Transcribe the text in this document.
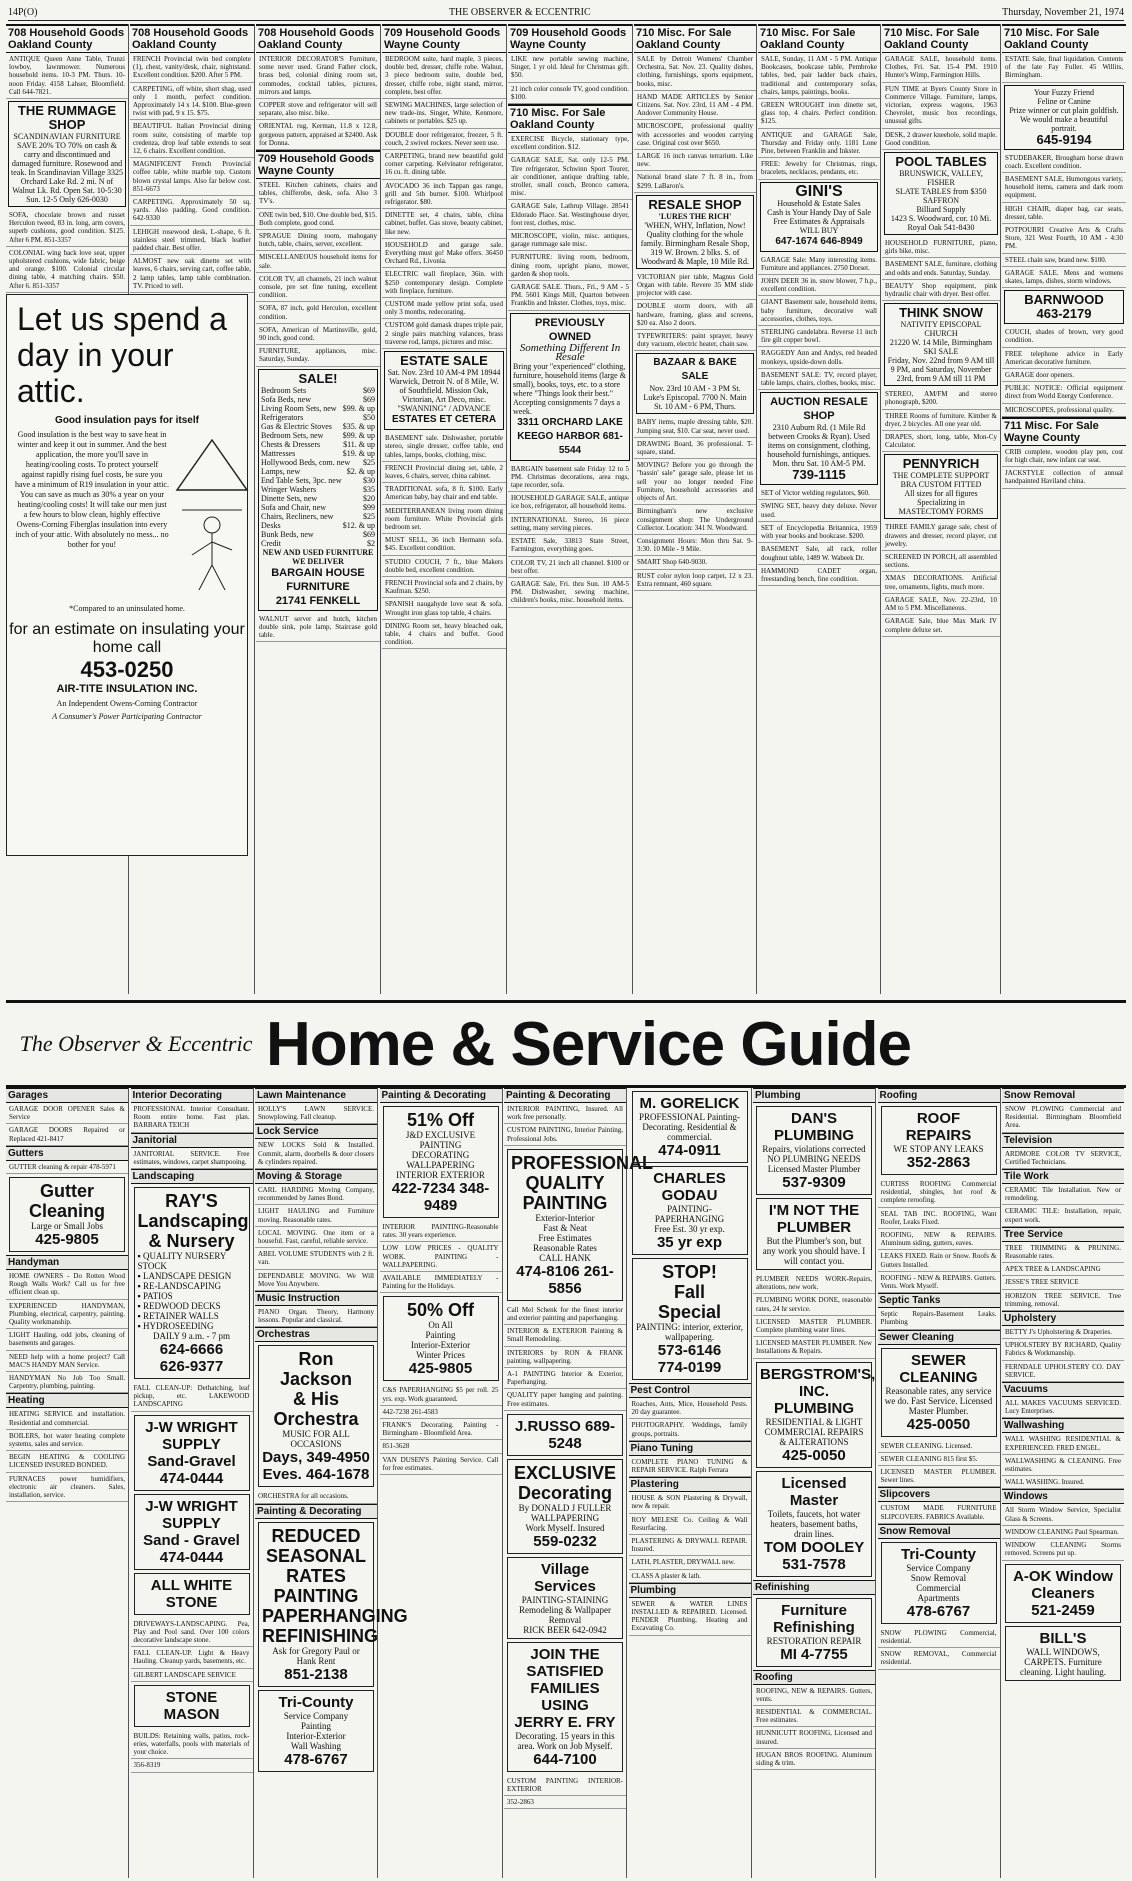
14P(O)	THE OBSERVER & ECCENTRIC	Thursday, November 21, 1974
708 Household Goods
Oakland County
ANTIQUE Queen Anne Table, Trunzi lowboy, lawnmower. Numerous household items. 10-3 PM. Thurs. 10-noon Friday. 4158 Lahser, Bloomfield. Call 644-7821.
THE RUMMAGE SHOP
SCANDINAVIAN FURNITURE SAVE 20% TO 70% on cash & carry and discontinued and damaged furniture. Rosewood and teak. In Scandinavian Village 3325 Orchard Lake Rd. 2 mi. N of Walnut Lk. Rd. Open Sat. 10-5:30 Sun. 12-5 Only 626-0030
SOFA, chocolate brown and russet Herculon tweed, 83 in. long, arm covers, superb cushions, good condition. $125. After 6 PM. 851-3357
COLONIAL wing back love seat, upper upholstered cushions, wide fabric, beige and orange. $100. Colonial circular dining table, 4 matching chairs. $50. After 6. 851-3357
Let us spend a day in your attic.
Good insulation pays for itself
Good insulation is the best way to save heat in winter and keep it out in summer. And the best application, the more you'll save in heating/cooling costs. To protect yourself against rapidly rising fuel costs, be sure you have a minimum of R19 insulation in your attic. You can save as much as 30% a year on your heating/cooling costs! It will take our men just a few hours to blow clean, highly effective Owens-Corning Fiberglas insulation into every inch of your attic. With absolutely no mess... no bother for you!
*Compared to an uninsulated home.
for an estimate on insulating your home call
453-0250
AIR-TITE INSULATION INC.
An Independent Owens-Corning Contractor
A Consumer's Power Participating Contractor
708 Household Goods
Oakland County
FRENCH Provincial twin bed complete (1), chest, vanity/desk, chair, nightstand. Excellent condition. $200. After 5 PM.
CARPETING, off white, short shag, used only 1 month, perfect condition. Approximately 14 x 14. $100. Blue-green twist with pad, 9 x 15. $75.
BEAUTIFUL Italian Provincial dining room suite, consisting of marble top credenza, drop leaf table extends to seat 12, 6 chairs. Excellent condition.
MAGNIFICENT French Provincial coffee table, white marble top. Custom blown crystal lamps. Also far below cost. 851-6673
CARPETING. Approximately 50 sq. yards. Also padding. Good condition. 642-9330
LEHIGH rosewood desk, L-shape, 6 ft. stainless steel trimmed, black leather padded chair. Best offer.
ALMOST new oak dinette set with leaves, 6 chairs, serving cart, coffee table, 2 lamp tables, lamp table combination. TV. Priced to sell.
708 Household Goods
Oakland County
INTERIOR DECORATOR'S Furniture, some never used. Grand Father clock, brass bed, colonial dining room set, commodes, cocktail tables, pictures, mirrors and lamps.
COPPER stove and refrigerator will sell separate, also misc. bike.
ORIENTAL rug, Kerman, 11.8 x 12.8, gorgeous pattern, appraised at $2400. Ask for Donna.
709 Household Goods
Wayne County
STEEL Kitchen cabinets, chairs and tables, chifferobe, desk, sofa. Also 3 TV's.
ONE twin bed, $10. One double bed, $15. Both complete, good cond.
SPRAGUE Dining room, mahogany hutch, table, chairs, server, excellent.
MISCELLANEOUS household items for sale.
COLOR TV, all channels, 21 inch walnut console, pre set fine tuning, excellent condition.
SOFA, 87 inch, gold Herculon, excellent condition.
SOFA, American of Martinsville, gold, 90 inch, good cond.
FURNITURE, appliances, misc. Saturday, Sunday.
SALE!
Bedroom Sets	$69
Sofa Beds, new	$69
Living Room Sets, new $99. & up
Refrigerators	$50
Gas & Electric Stoves $35. & up
Bedroom Sets, new $99. & up
Chests & Dressers	$11. & up
Mattresses	$19. & up
Hollywood Beds, com. new $25
Lamps, new	$2. & up
End Table Sets, 3pc. new	$30
Wringer Washers	$35
Dinette Sets, new	$20
Sofa and Chair, new	$99
Chairs, Recliners, new	$25
Desks	$12. & up
Bunk Beds, new	$69
Credit	$2
NEW AND USED FURNITURE WE DELIVER
BARGAIN HOUSE FURNITURE
21741 FENKELL
WALNUT server and hutch, kitchen double sink, pole lamp, Staircase gold table.
709 Household Goods
Wayne County
BEDROOM suite, hard maple, 3 pieces, double bed, dresser, chiffe robe. Walnut, 3 piece bedroom suite, double bed, dresser, chiffe robe, night stand, mirror, complete, best offer.
SEWING MACHINES, large selection of new trade-ins. Singer, White, Kenmore, cabinets or portables. $25 up.
DOUBLE door refrigerator, freezer, 5 ft. couch, 2 swivel rockers. Never seen use.
CARPETING, brand new beautiful gold corner carpeting. Kelvinator refrigerator, 16 cu. ft. dining table.
AVOCADO 36 inch Tappan gas range, grill and 5th burner. $100. Whirlpool refrigerator. $80.
DINETTE set, 4 chairs, table, china cabinet, buffet. Gas stove, beauty cabinet, like new.
HOUSEHOLD and garage sale. Everything must go! Make offers. 36450 Orchard Rd., Livonia.
ELECTRIC wall fireplace, 36in. with $250 contemporary design. Complete with fireplace, furniture.
CUSTOM made yellow print sofa, used only 3 months, redecorating.
CUSTOM gold damask drapes triple pair, 2 single pairs matching valances, brass traverse rod, lamps, pictures and misc.
ESTATE SALE
Sat. Nov. 23rd 10 AM-4 PM 18944 Warwick, Detroit N. of 8 Mile, W. of Southfield. Mission Oak, Victorian, Art Deco, misc. "SWANNING" / ADVANCE
ESTATES ET CETERA
BASEMENT sale. Dishwasher, portable stereo, single dresser, coffee table, end tables, lamps, books, clothing, misc.
FRENCH Provincial dining set, table, 2 leaves, 6 chairs, server, china cabinet.
TRADITIONAL sofa, 8 ft. $100. Early American baby, bay chair and end table.
MEDITERRANEAN living room dining room furniture. White Provincial girls bedroom set.
MUST SELL, 36 inch Hermann sofa. $45. Excellent condition.
STUDIO COUCH, 7 ft., blue Makers double bed, excellent condition.
FRENCH Provincial sofa and 2 chairs, by Kaufman. $250.
SPANISH naugahyde love seat & sofa. Wrought iron glass top table, 4 chairs.
DINING Room set, heavy bleached oak, table, 4 chairs and buffet. Good condition.
709 Household Goods
Wayne County
LIKE new portable sewing machine, Singer, 1 yr old. Ideal for Christmas gift. $50.
21 inch color console TV, good condition. $100.
710 Misc. For Sale
Oakland County
EXERCISE Bicycle, stationary type, excellent condition. $12.
GARAGE SALE, Sat. only 12-5 PM. Tire refrigerator, Schwinn Sport Tourer, air conditioner, antique drafting table, stroller, small couch, Bronco camera, misc.
GARAGE Sale, Lathrup Village. 28541 Eldorado Place. Sat. Westinghouse dryer, foot rest, clothes, misc.
MICROSCOPE, violin, misc. antiques, garage rummage sale misc.
FURNITURE: living room, bedroom, dining room, upright piano, mower, garden & shop tools.
GARAGE SALE. Thurs., Fri., 9 AM - 5 PM. 5601 Kings Mill, Quarton between Franklin and Inkster. Clothes, toys, misc.
PREVIOUSLY OWNED
Something Different In Resale
Bring your "experienced" clothing, furniture, household items (large & small), books, toys, etc. to a store where "Things look their best." Accepting consignments 7 days a week.
3311 ORCHARD LAKE KEEGO HARBOR 681-5544
BARGAIN basement sale Friday 12 to 5 PM. Christmas decorations, area rugs, tape recorder, sofa.
HOUSEHOLD GARAGE SALE, antique ice box, refrigerator, all household items.
INTERNATIONAL Stereo, 16 piece setting, many serving pieces.
ESTATE Sale, 33813 State Street, Farmington, everything goes.
COLOR TV, 21 inch all channel. $100 or best offer.
GARAGE Sale, Fri. thru Sun. 10 AM-5 PM. Dishwasher, sewing machine, children's books, misc. household items.
710 Misc. For Sale
Oakland County
SALE by Detroit Womens' Chamber Orchestra, Sat. Nov. 23. Quality dishes, clothing, furnishings, sports equipment, books, misc.
HAND MADE ARTICLES by Senior Citizens. Sat. Nov. 23rd, 11 AM - 4 PM. Andover Community House.
MICROSCOPE, professional quality with accessories and wooden carrying case. Original cost over $650.
LARGE 16 inch canvas terrarium. Like new.
National brand slate 7 ft. 8 in., from $299. LaBaron's.
RESALE SHOP
'LURES THE RICH'
'WHEN, WHY, Inflation, Now! Quality clothing for the whole family. Birmingham Resale Shop, 319 W. Brown. 2 blks. S. of Woodward & Maple, 10 Mile Rd.
VICTORIAN pier table, Magnus Gold Organ with table. Revere 35 MM slide projector with case.
DOUBLE storm doors, with all hardware, framing, glass and screens, $20 ea. Also 2 doors.
TYPEWRITERS: paint sprayer, heavy duty vacuum, electric heater, chain saw.
BAZAAR & BAKE SALE
Nov. 23rd 10 AM - 3 PM St. Luke's Episcopal. 7700 N. Main St. 10 AM - 6 PM, Thurs.
BABY items, maple dressing table, $20. Jumping seat, $10. Car seat, never used.
DRAWING Board, 36 professional. T-square, stand.
MOVING? Before you go through the "bassin' sale" garage sale, please let us sell your no longer needed Fine Furniture, household accessories and objects of Art.
Birmingham's new exclusive consignment shop: The Underground Collector. Location: 341 N. Woodward.
Consignment Hours: Mon thru Sat. 9-3:30. 10 Mile - 9 Mile.
SMART Shop 640-9030.
RUST color nylon loop carpet, 12 x 23. Extra remnant, 460 square.
710 Misc. For Sale
Oakland County
SALE, Sunday, 11 AM - 5 PM. Antique Bookcases, bookcase table, Pembroke tables, bed, pair ladder back chairs, traditional and contemporary sofas, chairs, lamps, paintings, books.
GREEN WROUGHT iron dinette set, glass top, 4 chairs. Perfect condition. $125.
ANTIQUE and GARAGE Sale, Thursday and Friday only. 1181 Lone Pine, between Franklin and Inkster.
FREE: Jewelry for Christmas, rings, bracelets, necklaces, pendants, etc.
GINI'S
Household & Estate Sales
Cash is Your Handy Day of Sale
Free Estimates & Appraisals
WILL BUY
647-1674 646-8949
GARAGE Sale: Many interesting items. Furniture and appliances. 2750 Dorset.
JOHN DEER 36 in. snow blower, 7 h.p., excellent condition.
GIANT Basement sale, household items, baby furniture, decorative wall accessories, clothes, toys.
STERLING candelabra. Reverse 11 inch fire gilt copper bowl.
RAGGEDY Ann and Andys, red headed monkeys, upside-down dolls.
BASEMENT SALE: TV, record player, table lamps, chairs, clothes, books, misc.
AUCTION RESALE SHOP
2310 Auburn Rd. (1 Mile Rd between Crooks & Ryan). Used items on consignment, clothing, household furnishings, antiques. Mon. thru Sat. 10 AM-5 PM.
739-1115
SET of Victor welding regulators, $60.
SWING SET, heavy duty deluxe. Never used.
SET of Encyclopedia Britannica, 1959 with year books and bookcase. $200.
BASEMENT Sale, all rack, roller doughnut table, 1489 W. Wabeek Dr.
HAMMOND CADET organ, freestanding bench, fine condition.
710 Misc. For Sale
Oakland County
GARAGE SALE, household items. Clothes, Fri. Sat. 15-4 PM. 1910 Hunter's Wimp, Farmington Hills.
FUN TIME at Byers County Store in Commerce Village. Furniture, lamps, victorian, express wagons, 1963 Chevrolet, music box recordings, unusual gifts.
DESK, 2 drawer kneehole, solid maple. Good condition.
POOL TABLES
BRUNSWICK, VALLEY, FISHER
SLATE TABLES from $350
SAFFRON
Billiard Supply
1423 S. Woodward, cor. 10 Mi. Royal Oak 541-8430
HOUSEHOLD FURNITURE, piano, girls bike, misc.
BASEMENT SALE, furniture, clothing and odds and ends. Saturday, Sunday.
BEAUTY Shop equipment, pink hydraulic chair with dryer. Best offer.
THINK SNOW
NATIVITY EPISCOPAL CHURCH
21220 W. 14 Mile, Birmingham
SKI SALE
Friday, Nov. 22nd from 9 AM till 9 PM, and Saturday, November 23rd, from 9 AM till 11 PM
STEREO, AM/FM and stereo phonograph, $200.
THREE Rooms of furniture. Kimber & dryer, 2 bicycles. All one year old.
DRAPES, short, long, table, Mon-Cy Calculator.
PENNYRICH
THE COMPLETE SUPPORT BRA CUSTOM FITTED
All sizes for all figures
Specializing in
MASTECTOMY FORMS
THREE FAMILY garage sale, chest of drawers and dresser, record player, cut jewelry.
SCREENED IN PORCH, all assembled sections.
XMAS DECORATIONS. Artificial tree, ornaments, lights, much more.
GARAGE SALE, Nov. 22-23rd, 10 AM to 5 PM. Miscellaneous.
GARAGE Sale, blue Max Mark IV complete deluxe set.
710 Misc. For Sale
Oakland County
ESTATE Sale, final liquidation. Contents of the late Fay Fuller. 45 Willits, Birmingham.
Your Fuzzy Friend
Feline or Canine
Prize winner or cut plain goldfish. We would make a beautiful portrait.
645-9194
STUDEBAKER, Brougham horse drawn coach. Excellent condition.
BASEMENT SALE, Humongous variety, household items, camera and dark room equipment.
HIGH CHAIR, diaper bag, car seats, dresser, table.
POTPOURRI Creative Arts & Crafts Store, 321 West Fourth, 10 AM - 4:30 PM.
STEEL chain saw, brand new. $100.
GARAGE SALE. Mens and womens skates, lamps, dishes, storm windows.
BARNWOOD
463-2179
COUCH, shades of brown, very good condition.
FREE telephone advice in Early American decorative furniture.
GARAGE door openers.
PUBLIC NOTICE: Official equipment direct from World Energy Conference.
MICROSCOPES, professional quality.
711 Misc. For Sale
Wayne County
CRIB complete, wooden play pen, cost for high chair, new infant car seat.
JACKSTYLE collection of annual handpainted Haviland china.
The Observer & Eccentric Home & Service Guide
Garages
GARAGE DOOR OPENER Sales & Service
GARAGE DOORS Repaired or Replaced 421-8417
Gutters
GUTTER cleaning & repair 478-5971
Gutter
Cleaning
Large or Small Jobs
425-9805
Handyman
HOME OWNERS - Do Rotten Wood Rough Walls Work? Call us for free efficient clean up.
EXPERIENCED HANDYMAN, Plumbing, electrical, carpentry, painting. Quality workmanship.
LIGHT Hauling, odd jobs, cleaning of basements and garages.
NEED help with a home project? Call MAC'S HANDY MAN Service.
HANDYMAN No Job Too Small. Carpentry, plumbing, painting.
Heating
HEATING SERVICE and installation. Residential and commercial.
BOILERS, hot water heating complete systems, sales and service.
BEGIN HEATING & COOLING LICENSED INSURED BONDED.
FURNACES power humidifiers, electronic air cleaners. Sales, installation, service.
Interior Decorating
PROFESSIONAL Interior Consultant. Room entire home. Fast plan. BARBARA TEICH
Janitorial
JANITORIAL SERVICE. Free estimates, windows, carpet shampooing.
Landscaping
RAY'S
Landscaping
& Nursery
▪ QUALITY NURSERY STOCK
▪ LANDSCAPE DESIGN
▪ RE-LANDSCAPING
▪ PATIOS
▪ REDWOOD DECKS
▪ RETAINER WALLS
▪ HYDROSEEDING
DAILY 9 a.m. - 7 pm
624-6666
626-9377
FALL CLEAN-UP: Dethatching, leaf pickup, etc. LAKEWOOD LANDSCAPING
J-W WRIGHT SUPPLY
Sand-Gravel
474-0444
J-W WRIGHT SUPPLY
Sand - Gravel
474-0444
ALL WHITE STONE
DRIVEWAYS-LANDSCAPING. Pea, Play and Pool sand. Over 100 colors decorative landscape stone.
FALL CLEAN-UP. Light & Heavy Hauling. Cleanup yards, basements, etc.
GILBERT LANDSCAPE SERVICE
STONE MASON
BUILDS: Retaining walls, patios, rock-eries, waterfalls, pools with materials of your choice.
356-8319
Lawn Maintenance
HOLLY'S LAWN SERVICE. Snowplowing. Fall cleanup.
Lock Service
NEW LOCKS Sold & Installed. Commit, alarm, doorbells & door closers & cylinders repaired.
Moving & Storage
CARL HARDING Moving Company, recommended by James Bond.
LIGHT HAULING and Furniture moving. Reasonable rates.
LOCAL MOVING. One item or a houseful. Fast, careful, reliable service.
ABEL VOLUME STUDENTS with 2 ft. van.
DEPENDABLE MOVING. We Will Move You Anywhere.
Music Instruction
PIANO Organ. Theory, Harmony lessons. Popular and classical.
Orchestras
Ron Jackson
& His Orchestra
MUSIC FOR ALL OCCASIONS
Days, 349-4950
Eves. 464-1678
ORCHESTRA for all occasions.
Painting & Decorating
REDUCED
SEASONAL RATES
PAINTING
PAPERHANGING
REFINISHING
Ask for Gregory Paul or Hank Rent
851-2138
Tri-County
Service Company
Painting
Interior-Exterior
Wall Washing
478-6767
Painting & Decorating
51% Off
J&D EXCLUSIVE
PAINTING
DECORATING
WALLPAPERING
INTERIOR EXTERIOR
422-7234 348-9489
INTERIOR PAINTING-Reasonable rates. 30 years experience.
LOW LOW PRICES - QUALITY WORK. PAINTING - WALLPAPERING.
AVAILABLE IMMEDIATELY - Painting for the Holidays.
50% Off
On All
Painting
Interior-Exterior
Winter Prices
425-9805
C&S PAPERHANGING $5 per roll. 25 yrs. exp. Work guaranteed.
442-7238 261-4583
FRANK'S Decorating. Painting - Birmingham - Bloomfield Area.
851-3628
VAN DUSEN'S Painting Service. Call for free estimates.
Painting & Decorating
INTERIOR PAINTING, Insured. All work free personally.
CUSTOM PAINTING, Interior Painting, Professional Jobs.
PROFESSIONAL
QUALITY
PAINTING
Exterior-Interior
Fast & Neat
Free Estimates
Reasonable Rates
CALL HANK
474-8106 261-5856
Call Mel Schenk for the finest interior and exterior painting and paperhanging.
INTERIOR & EXTERIOR Painting & Small Remodeling.
INTERIORS by RON & FRANK painting, wallpapering.
A-1 PAINTING Interior & Exterior, Paperhanging.
QUALITY paper hanging and painting. Free estimates.
J.RUSSO 689-5248
EXCLUSIVE
Decorating
By DONALD J FULLER
WALLPAPERING
Work Myself. Insured
559-0232
Village Services
PAINTING-STAINING
Remodeling & Wallpaper Removal
RICK BEER 642-0942
JOIN THE SATISFIED
FAMILIES USING
JERRY E. FRY
Decorating. 15 years in this area. Work on Job Myself.
644-7100
CUSTOM PAINTING INTERIOR-EXTERIOR
352-2863
M. GORELICK
PROFESSIONAL Painting-Decorating. Residential & commercial.
474-0911
CHARLES GODAU
PAINTING-PAPERHANGING
Free Est. 30 yr exp.
35 yr exp
STOP!
Fall
Special
PAINTING: interior, exterior, wallpapering.
573-6146
774-0199
Pest Control
Roaches, Ants, Mice, Household Pests. 20 day guarantee.
PHOTOGRAPHY. Weddings, family groups, portraits.
Piano Tuning
COMPLETE PIANO TUNING & REPAIR SERVICE. Ralph Ferrara
Plastering
HOUSE & SON Plastering & Drywall, new & repair.
ROY MELESE Co. Ceiling & Wall Resurfacing.
PLASTERING & DRYWALL REPAIR. Insured.
LATH, PLASTER, DRYWALL new.
CLASS A plaster & lath.
Plumbing
SEWER & WATER LINES INSTALLED & REPAIRED. Licensed. PENDER Plumbing, Heating and Excavating Co.
Plumbing
DAN'S PLUMBING
Repairs, violations corrected
NO PLUMBING NEEDS
Licensed Master Plumber
537-9309
I'M NOT THE PLUMBER
But the Plumber's son, but any work you should have. I will contact you.
PLUMBER NEEDS WORK-Repairs, alterations, new work.
PLUMBING WORK DONE, reasonable rates, 24 hr service.
LICENSED MASTER PLUMBER. Complete plumbing water lines.
LICENSED MASTER PLUMBER. New Installations & Repairs.
BERGSTROM'S, INC.
PLUMBING
RESIDENTIAL & LIGHT COMMERCIAL REPAIRS & ALTERATIONS
425-0050
Licensed Master
Toilets, faucets, hot water heaters, basement baths, drain lines.
TOM DOOLEY 531-7578
Refinishing
Furniture Refinishing
RESTORATION REPAIR
MI 4-7755
Roofing
ROOFING, NEW & REPAIRS. Gutters, vents.
RESIDENTIAL & COMMERCIAL. Free estimates.
HUNNICUTT ROOFING, Licensed and insured.
HUGAN BROS ROOFING. Aluminum siding & trim.
Roofing
ROOF REPAIRS
WE STOP ANY LEAKS
352-2863
CURTISS ROOFING Commercial residential, shingles, hot roof & complete reroofing.
SEAL TAB INC. ROOFING, Want Roofer, Leaks Fixed.
ROOFING, NEW & REPAIRS. Aluminum siding, gutters, eaves.
LEAKS FIXED. Rain or Snow. Roofs & Gutters Installed.
ROOFING - NEW & REPAIRS. Gutters. Vents. Work Myself.
Septic Tanks
Septic Repairs-Basement Leaks. Plumbing
Sewer Cleaning
SEWER CLEANING
Reasonable rates, any service we do. Fast Service. Licensed Master Plumber.
425-0050
SEWER CLEANING. Licensed.
SEWER CLEANING 815 first $5.
LICENSED MASTER PLUMBER. Sewer lines.
Slipcovers
CUSTOM MADE FURNITURE SLIPCOVERS. FABRICS Available.
Snow Removal
Tri-County
Service Company
Snow Removal
Commercial
Apartments
478-6767
SNOW PLOWING Commercial, residential.
SNOW REMOVAL, Commercial residential.
Snow Removal
SNOW PLOWING Commercial and Residential. Birmingham Bloomfield Area.
Television
ARDMORE COLOR TV SERVICE, Certified Technicians.
Tile Work
CERAMIC Tile Installation. New or remodeling.
CERAMIC TILE: Installation, repair, expert work.
Tree Service
TREE TRIMMING & PRUNING. Reasonable rates.
APEX TREE & LANDSCAPING
JESSE'S TREE SERVICE
HORIZON TREE SERVICE. Tree trimming, removal.
Upholstery
BETTY J's Upholstering & Draperies.
UPHOLSTERY BY RICHARD, Quality Fabrics & Workmanship.
FERNDALE UPHOLSTERY CO. DAY SERVICE.
Vacuums
ALL MAKES VACUUMS SERVICED. Lucy Enterprises.
Wallwashing
WALL WASHING RESIDENTIAL & EXPERIENCED. FRED ENGEL.
WALLWASHING & CLEANING. Free estimates.
WALL WASHING. Insured.
Windows
All Storm Window Service, Specialist Glass & Screens.
WINDOW CLEANING Paul Spearman.
WINDOW CLEANING Storms removed. Screens put up.
A-OK Window Cleaners
521-2459
BILL'S
WALL WINDOWS, CARPETS. Furniture cleaning. Light hauling.
